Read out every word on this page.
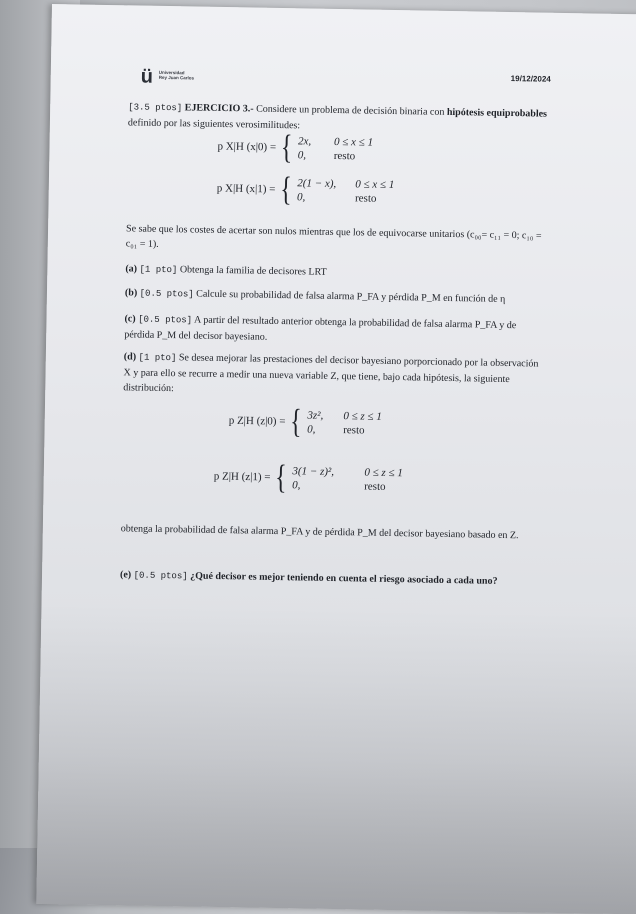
ü Universidad
Rey Juan Carlos	19/12/2024
[3.5 ptos] EJERCICIO 3.- Considere un problema de decisión binaria con hipótesis equiprobables definido por las siguientes verosimilitudes:
p X|H (x|0) = { 2x, 0 ≤ x ≤ 1
0,	resto
p X|H (x|1) = { 2(1 − x), 0 ≤ x ≤ 1
0,	resto
Se sabe que los costes de acertar son nulos mientras que los de equivocarse unitarios (c₀₀= c₁₁ = 0; c₁₀ = c₀₁ = 1).
(a) [1 pto] Obtenga la familia de decisores LRT
(b) [0.5 ptos] Calcule su probabilidad de falsa alarma P_FA y pérdida P_M en función de η
(c) [0.5 ptos] A partir del resultado anterior obtenga la probabilidad de falsa alarma P_FA y de pérdida P_M del decisor bayesiano.
(d) [1 pto] Se desea mejorar las prestaciones del decisor bayesiano porporcionado por la observación X y para ello se recurre a medir una nueva variable Z, que tiene, bajo cada hipótesis, la siguiente distribución:
p Z|H (z|0) = { 3z², 0 ≤ z ≤ 1
0,	resto
p Z|H (z|1) = { 3(1 − z)²,	0 ≤ z ≤ 1
0,	resto
obtenga la probabilidad de falsa alarma P_FA y de pérdida P_M del decisor bayesiano basado en Z.
(e) [0.5 ptos] ¿Qué decisor es mejor teniendo en cuenta el riesgo asociado a cada uno?
